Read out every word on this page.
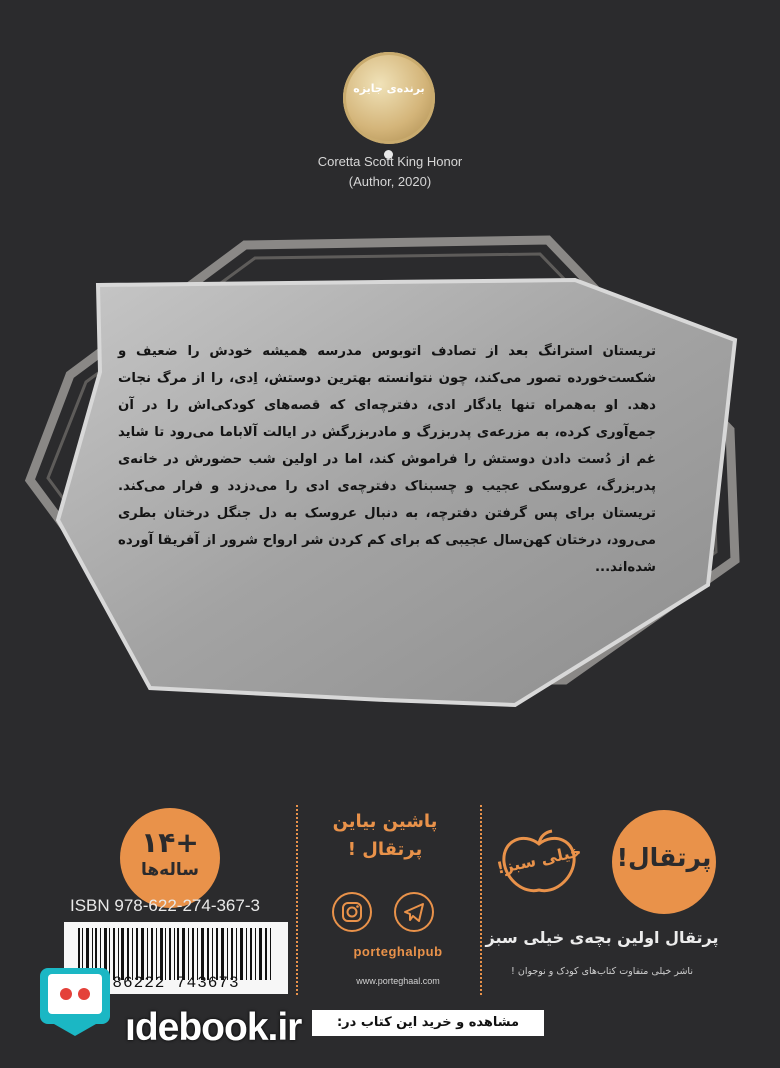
برنده‌ی جایزه
Coretta Scott King Honor
(Author, 2020)
تریستان استرانگ بعد از تصادف اتوبوس مدرسه همیشه خودش را ضعیف و شکست‌خورده تصور می‌کند، چون نتوانسته بهترین دوستش، اِدی، را از مرگ نجات دهد. او به‌همراه تنها یادگار ادی، دفترچه‌ای که قصه‌های کودکی‌اش را در آن جمع‌آوری کرده، به مزرعه‌ی پدربزرگ و مادربزرگش در ایالت آلاباما می‌رود تا شاید غم از دُست دادن دوستش را فراموش کند، اما در اولین شب حضورش در خانه‌ی پدربزرگ، عروسکی عجیب و چسبناک دفترچه‌ی ادی را می‌دزدد و فرار می‌کند. تریستان برای پس گرفتن دفترچه، به دنبال عروسک به دل جنگل درختان بطری می‌رود، درختان کهن‌سال عجیبی که برای کم کردن شر ارواح شرور از آفریقا آورده شده‌اند...
۱۴+
ساله‌ها
ISBN 978-622-274-367-3
86222 743673
پاشین بیاین
پرتقال !
porteghalpub
www.porteghaal.com
پرتقال!
خیلی سبز!
پرتقال اولین بچه‌ی خیلی سبز
ناشر خیلی متفاوت کتاب‌های کودک و نوجوان !
ıdebook.ir	مشاهده و خرید این کتاب در:
